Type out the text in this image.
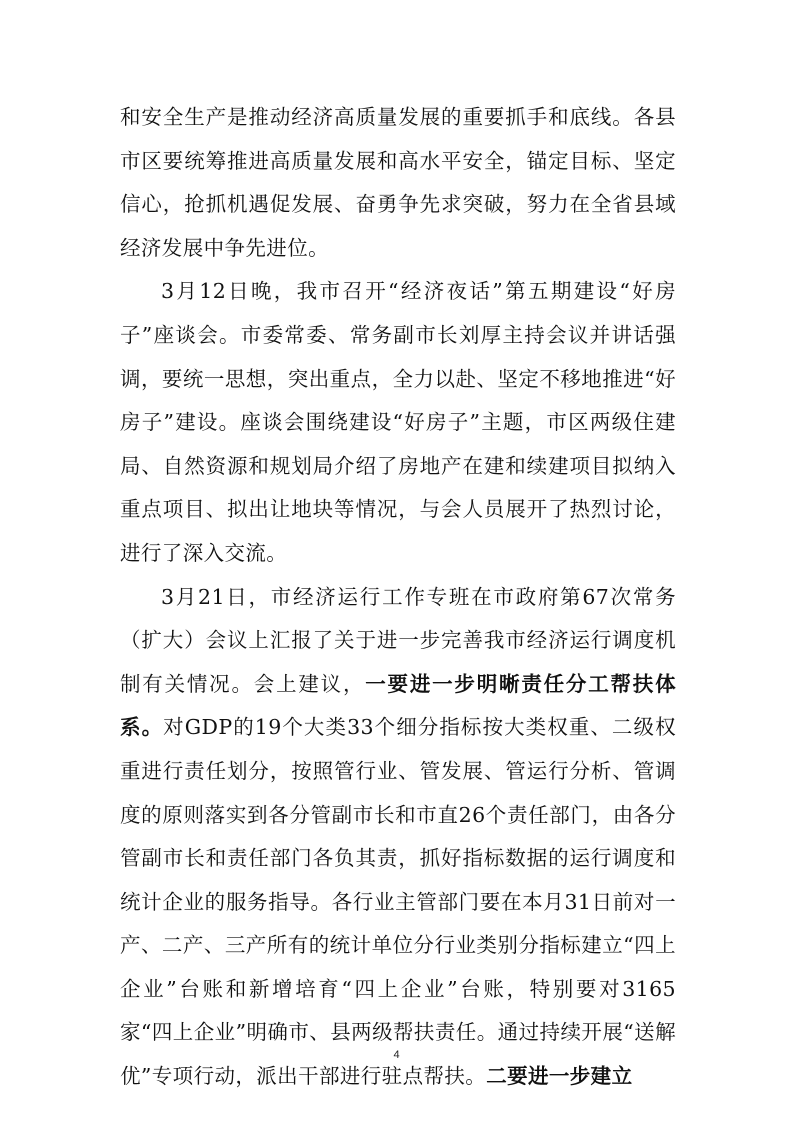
和安全生产是推动经济高质量发展的重要抓手和底线。各县市区要统筹推进高质量发展和高水平安全，锚定目标、坚定信心，抢抓机遇促发展、奋勇争先求突破，努力在全省县域经济发展中争先进位。

3月12日晚，我市召开“经济夜话”第五期建设“好房子”座谈会。市委常委、常务副市长刘厚主持会议并讲话强调，要统一思想，突出重点，全力以赴、坚定不移地推进“好房子”建设。座谈会围绕建设“好房子”主题，市区两级住建局、自然资源和规划局介绍了房地产在建和续建项目拟纳入重点项目、拟出让地块等情况，与会人员展开了热烈讨论，进行了深入交流。

3月21日，市经济运行工作专班在市政府第67次常务（扩大）会议上汇报了关于进一步完善我市经济运行调度机制有关情况。会上建议，一要进一步明晰责任分工帮扶体系。对GDP的19个大类33个细分指标按大类权重、二级权重进行责任划分，按照管行业、管发展、管运行分析、管调度的原则落实到各分管副市长和市直26个责任部门，由各分管副市长和责任部门各负其责，抓好指标数据的运行调度和统计企业的服务指导。各行业主管部门要在本月31日前对一产、二产、三产所有的统计单位分行业类别分指标建立“四上企业”台账和新增培育“四上企业”台账，特别要对3165家“四上企业”明确市、县两级帮扶责任。通过持续开展“送解优”专项行动，派出干部进行驻点帮扶。二要进一步建立

4
